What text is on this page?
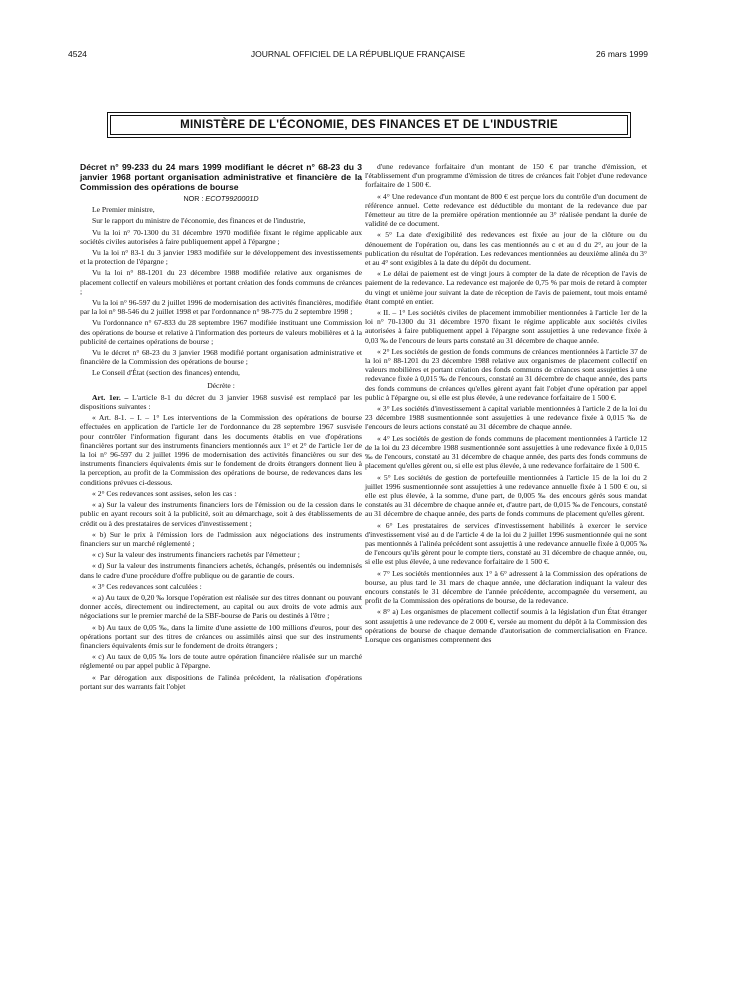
4524	JOURNAL OFFICIEL DE LA RÉPUBLIQUE FRANÇAISE	26 mars 1999
MINISTÈRE DE L'ÉCONOMIE, DES FINANCES ET DE L'INDUSTRIE

Décret n° 99-233 du 24 mars 1999 modifiant le décret n° 68-23 du 3 janvier 1968 portant organisation administrative et financière de la Commission des opérations de bourse

NOR : ECOT9920001D

Le Premier ministre,

Sur le rapport du ministre de l'économie, des finances et de l'industrie,

Vu la loi n° 70-1300 du 31 décembre 1970 modifiée fixant le régime applicable aux sociétés civiles autorisées à faire publiquement appel à l'épargne ;

Vu la loi n° 83-1 du 3 janvier 1983 modifiée sur le développement des investissements et la protection de l'épargne ;

Vu la loi n° 88-1201 du 23 décembre 1988 modifiée relative aux organismes de placement collectif en valeurs mobilières et portant création des fonds communs de créances ;

Vu la loi n° 96-597 du 2 juillet 1996 de modernisation des activités financières, modifiée par la loi n° 98-546 du 2 juillet 1998 et par l'ordonnance n° 98-775 du 2 septembre 1998 ;

Vu l'ordonnance n° 67-833 du 28 septembre 1967 modifiée instituant une Commission des opérations de bourse et relative à l'information des porteurs de valeurs mobilières et à la publicité de certaines opérations de bourse ;

Vu le décret n° 68-23 du 3 janvier 1968 modifié portant organisation administrative et financière de la Commission des opérations de bourse ;

Le Conseil d'État (section des finances) entendu,

Décrète :

Art. 1er. – L'article 8-1 du décret du 3 janvier 1968 susvisé est remplacé par les dispositions suivantes :

« Art. 8-1. – I. – 1° Les interventions de la Commission des opérations de bourse effectuées en application de l'article 1er de l'ordonnance du 28 septembre 1967 susvisée pour contrôler l'information figurant dans les documents établis en vue d'opérations financières portant sur des instruments financiers mentionnés aux 1° et 2° de l'article 1er de la loi n° 96-597 du 2 juillet 1996 de modernisation des activités financières ou sur des instruments financiers équivalents émis sur le fondement de droits étrangers donnent lieu à la perception, au profit de la Commission des opérations de bourse, de redevances dans les conditions prévues ci-dessous.

« 2° Ces redevances sont assises, selon les cas :

« a) Sur la valeur des instruments financiers lors de l'émission ou de la cession dans le public en ayant recours soit à la publicité, soit au démarchage, soit à des établissements de crédit ou à des prestataires de services d'investissement ;

« b) Sur le prix à l'émission lors de l'admission aux négociations des instruments financiers sur un marché réglementé ;

« c) Sur la valeur des instruments financiers rachetés par l'émetteur ;

« d) Sur la valeur des instruments financiers achetés, échangés, présentés ou indemnisés dans le cadre d'une procédure d'offre publique ou de garantie de cours.

« 3° Ces redevances sont calculées :

« a) Au taux de 0,20 ‰ lorsque l'opération est réalisée sur des titres donnant ou pouvant donner accès, directement ou indirectement, au capital ou aux droits de vote admis aux négociations sur le premier marché de la SBF-bourse de Paris ou destinés à l'être ;

« b) Au taux de 0,05 ‰, dans la limite d'une assiette de 100 millions d'euros, pour des opérations portant sur des titres de créances ou assimilés ainsi que sur des instruments financiers équivalents émis sur le fondement de droits étrangers ;

« c) Au taux de 0,05 ‰ lors de toute autre opération financière réalisée sur un marché réglementé ou par appel public à l'épargne.

« Par dérogation aux dispositions de l'alinéa précédent, la réalisation d'opérations portant sur des warrants fait l'objet

d'une redevance forfaitaire d'un montant de 150 € par tranche d'émission, et l'établissement d'un programme d'émission de titres de créances fait l'objet d'une redevance forfaitaire de 1 500 €.

« 4° Une redevance d'un montant de 800 € est perçue lors du contrôle d'un document de référence annuel. Cette redevance est déductible du montant de la redevance due par l'émetteur au titre de la première opération mentionnée au 3° réalisée pendant la durée de validité de ce document.

« 5° La date d'exigibilité des redevances est fixée au jour de la clôture ou du dénouement de l'opération ou, dans les cas mentionnés au c et au d du 2°, au jour de la publication du résultat de l'opération. Les redevances mentionnées au deuxième alinéa du 3° et au 4° sont exigibles à la date du dépôt du document.

« Le délai de paiement est de vingt jours à compter de la date de réception de l'avis de paiement de la redevance. La redevance est majorée de 0,75 % par mois de retard à compter du vingt et unième jour suivant la date de réception de l'avis de paiement, tout mois entamé étant compté en entier.

« II. – 1° Les sociétés civiles de placement immobilier mentionnées à l'article 1er de la loi n° 70-1300 du 31 décembre 1970 fixant le régime applicable aux sociétés civiles autorisées à faire publiquement appel à l'épargne sont assujetties à une redevance fixée à 0,03 ‰ de l'encours de leurs parts constaté au 31 décembre de chaque année.

« 2° Les sociétés de gestion de fonds communs de créances mentionnées à l'article 37 de la loi n° 88-1201 du 23 décembre 1988 relative aux organismes de placement collectif en valeurs mobilières et portant création des fonds communs de créances sont assujetties à une redevance fixée à 0,015 ‰ de l'encours, constaté au 31 décembre de chaque année, des parts des fonds communs de créances qu'elles gèrent ayant fait l'objet d'une opération par appel public à l'épargne ou, si elle est plus élevée, à une redevance forfaitaire de 1 500 €.

« 3° Les sociétés d'investissement à capital variable mentionnées à l'article 2 de la loi du 23 décembre 1988 susmentionnée sont assujetties à une redevance fixée à 0,015 ‰ de l'encours de leurs actions constaté au 31 décembre de chaque année.

« 4° Les sociétés de gestion de fonds communs de placement mentionnées à l'article 12 de la loi du 23 décembre 1988 susmentionnée sont assujetties à une redevance fixée à 0,015 ‰ de l'encours, constaté au 31 décembre de chaque année, des parts des fonds communs de placement qu'elles gèrent ou, si elle est plus élevée, à une redevance forfaitaire de 1 500 €.

« 5° Les sociétés de gestion de portefeuille mentionnées à l'article 15 de la loi du 2 juillet 1996 susmentionnée sont assujetties à une redevance annuelle fixée à 1 500 € ou, si elle est plus élevée, à la somme, d'une part, de 0,005 ‰ des encours gérés sous mandat constatés au 31 décembre de chaque année et, d'autre part, de 0,015 ‰ de l'encours, constaté au 31 décembre de chaque année, des parts de fonds communs de placement qu'elles gèrent.

« 6° Les prestataires de services d'investissement habilités à exercer le service d'investissement visé au d de l'article 4 de la loi du 2 juillet 1996 susmentionnée qui ne sont pas mentionnés à l'alinéa précédent sont assujettis à une redevance annuelle fixée à 0,005 ‰ de l'encours qu'ils gèrent pour le compte tiers, constaté au 31 décembre de chaque année, ou, si elle est plus élevée, à une redevance forfaitaire de 1 500 €.

« 7° Les sociétés mentionnées aux 1° à 6° adressent à la Commission des opérations de bourse, au plus tard le 31 mars de chaque année, une déclaration indiquant la valeur des encours constatés le 31 décembre de l'année précédente, accompagnée du versement, au profit de la Commission des opérations de bourse, de la redevance.

« 8° a) Les organismes de placement collectif soumis à la législation d'un État étranger sont assujettis à une redevance de 2 000 €, versée au moment du dépôt à la Commission des opérations de bourse de chaque demande d'autorisation de commercialisation en France. Lorsque ces organismes comprennent des
